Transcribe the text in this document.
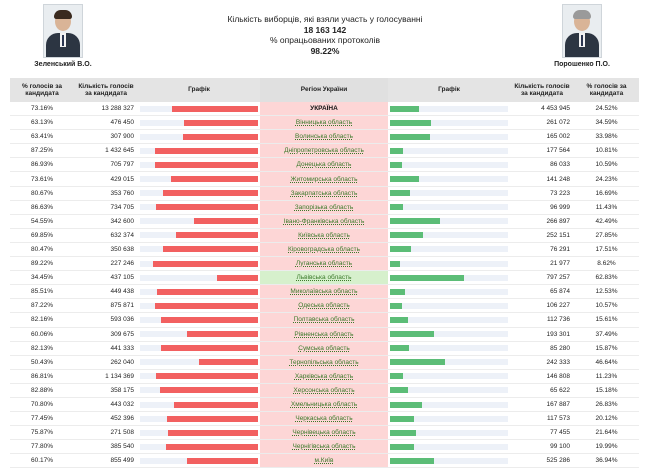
Зеленський В.О.	Порошенко П.О.
Кількість виборців, які взяли участь у голосуванні
18 163 142
% опрацьованих протоколів
98.22%
% голосів за кандидата	Кількість голосів за кандидата	Графік	Регіон України	Графік	Кількість голосів за кандидата	% голосів за кандидата
73.16%	13 288 327		УКРАЇНА		4 453 945	24.52%
63.13%	476 450		Вінницька область		261 072	34.59%
63.41%	307 900		Волинська область		165 002	33.98%
87.25%	1 432 645		Дніпропетровська область		177 564	10.81%
86.93%	705 797		Донецька область		86 033	10.59%
73.61%	429 015		Житомирська область		141 248	24.23%
80.67%	353 760		Закарпатська область		73 223	16.69%
86.63%	734 705		Запорізька область		96 999	11.43%
54.55%	342 600		Івано-Франківська область		266 897	42.49%
69.85%	632 374		Київська область		252 151	27.85%
80.47%	350 638		Кіровоградська область		76 291	17.51%
89.22%	227 246		Луганська область		21 977	8.62%
34.45%	437 105		Львівська область		797 257	62.83%
85.51%	449 438		Миколаївська область		65 874	12.53%
87.22%	875 871		Одеська область		106 227	10.57%
82.16%	593 036		Полтавська область		112 736	15.61%
60.06%	309 675		Рівненська область		193 301	37.49%
82.13%	441 333		Сумська область		85 280	15.87%
50.43%	262 040		Тернопільська область		242 333	46.64%
86.81%	1 134 369		Харківська область		146 808	11.23%
82.88%	358 175		Херсонська область		65 622	15.18%
70.80%	443 032		Хмельницька область		167 887	26.83%
77.45%	452 396		Черкаська область		117 573	20.12%
75.87%	271 508		Чернівецька область		77 455	21.64%
77.80%	385 540		Чернігівська область		99 100	19.99%
60.17%	855 499		м.Київ		525 286	36.94%
